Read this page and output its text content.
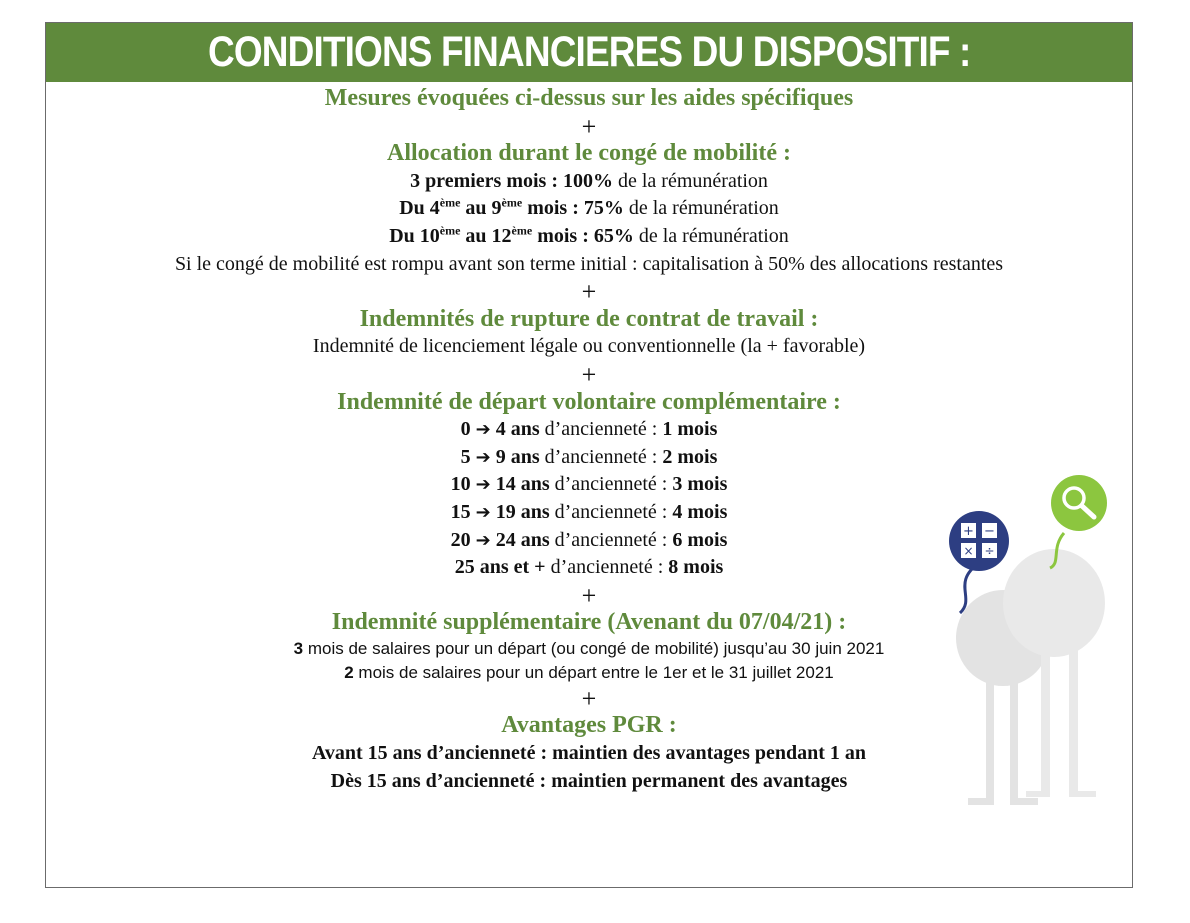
CONDITIONS FINANCIERES DU DISPOSITIF :
Mesures évoquées ci-dessus sur les aides spécifiques
+
Allocation durant le congé de mobilité :
3 premiers mois : 100% de la rémunération
Du 4ème au 9ème mois : 75% de la rémunération
Du 10ème au 12ème mois : 65% de la rémunération
Si le congé de mobilité est rompu avant son terme initial : capitalisation à 50% des allocations restantes
+
Indemnités de rupture de contrat de travail :
Indemnité de licenciement légale ou conventionnelle (la + favorable)
+
Indemnité de départ volontaire complémentaire :
0 ➔ 4 ans d’ancienneté : 1 mois
5 ➔ 9 ans d’ancienneté : 2 mois
10 ➔ 14 ans d’ancienneté : 3 mois
15 ➔ 19 ans d’ancienneté : 4 mois
20 ➔ 24 ans d’ancienneté : 6 mois
25 ans et + d’ancienneté : 8 mois
+
Indemnité supplémentaire (Avenant du 07/04/21) :
3 mois de salaires pour un départ (ou congé de mobilité) jusqu’au 30 juin 2021
2 mois de salaires pour un départ entre le 1er et le 31 juillet 2021
+
Avantages PGR :
Avant 15 ans d’ancienneté : maintien des avantages pendant 1 an
Dès 15 ans d’ancienneté : maintien permanent des avantages
+ −
× ÷
